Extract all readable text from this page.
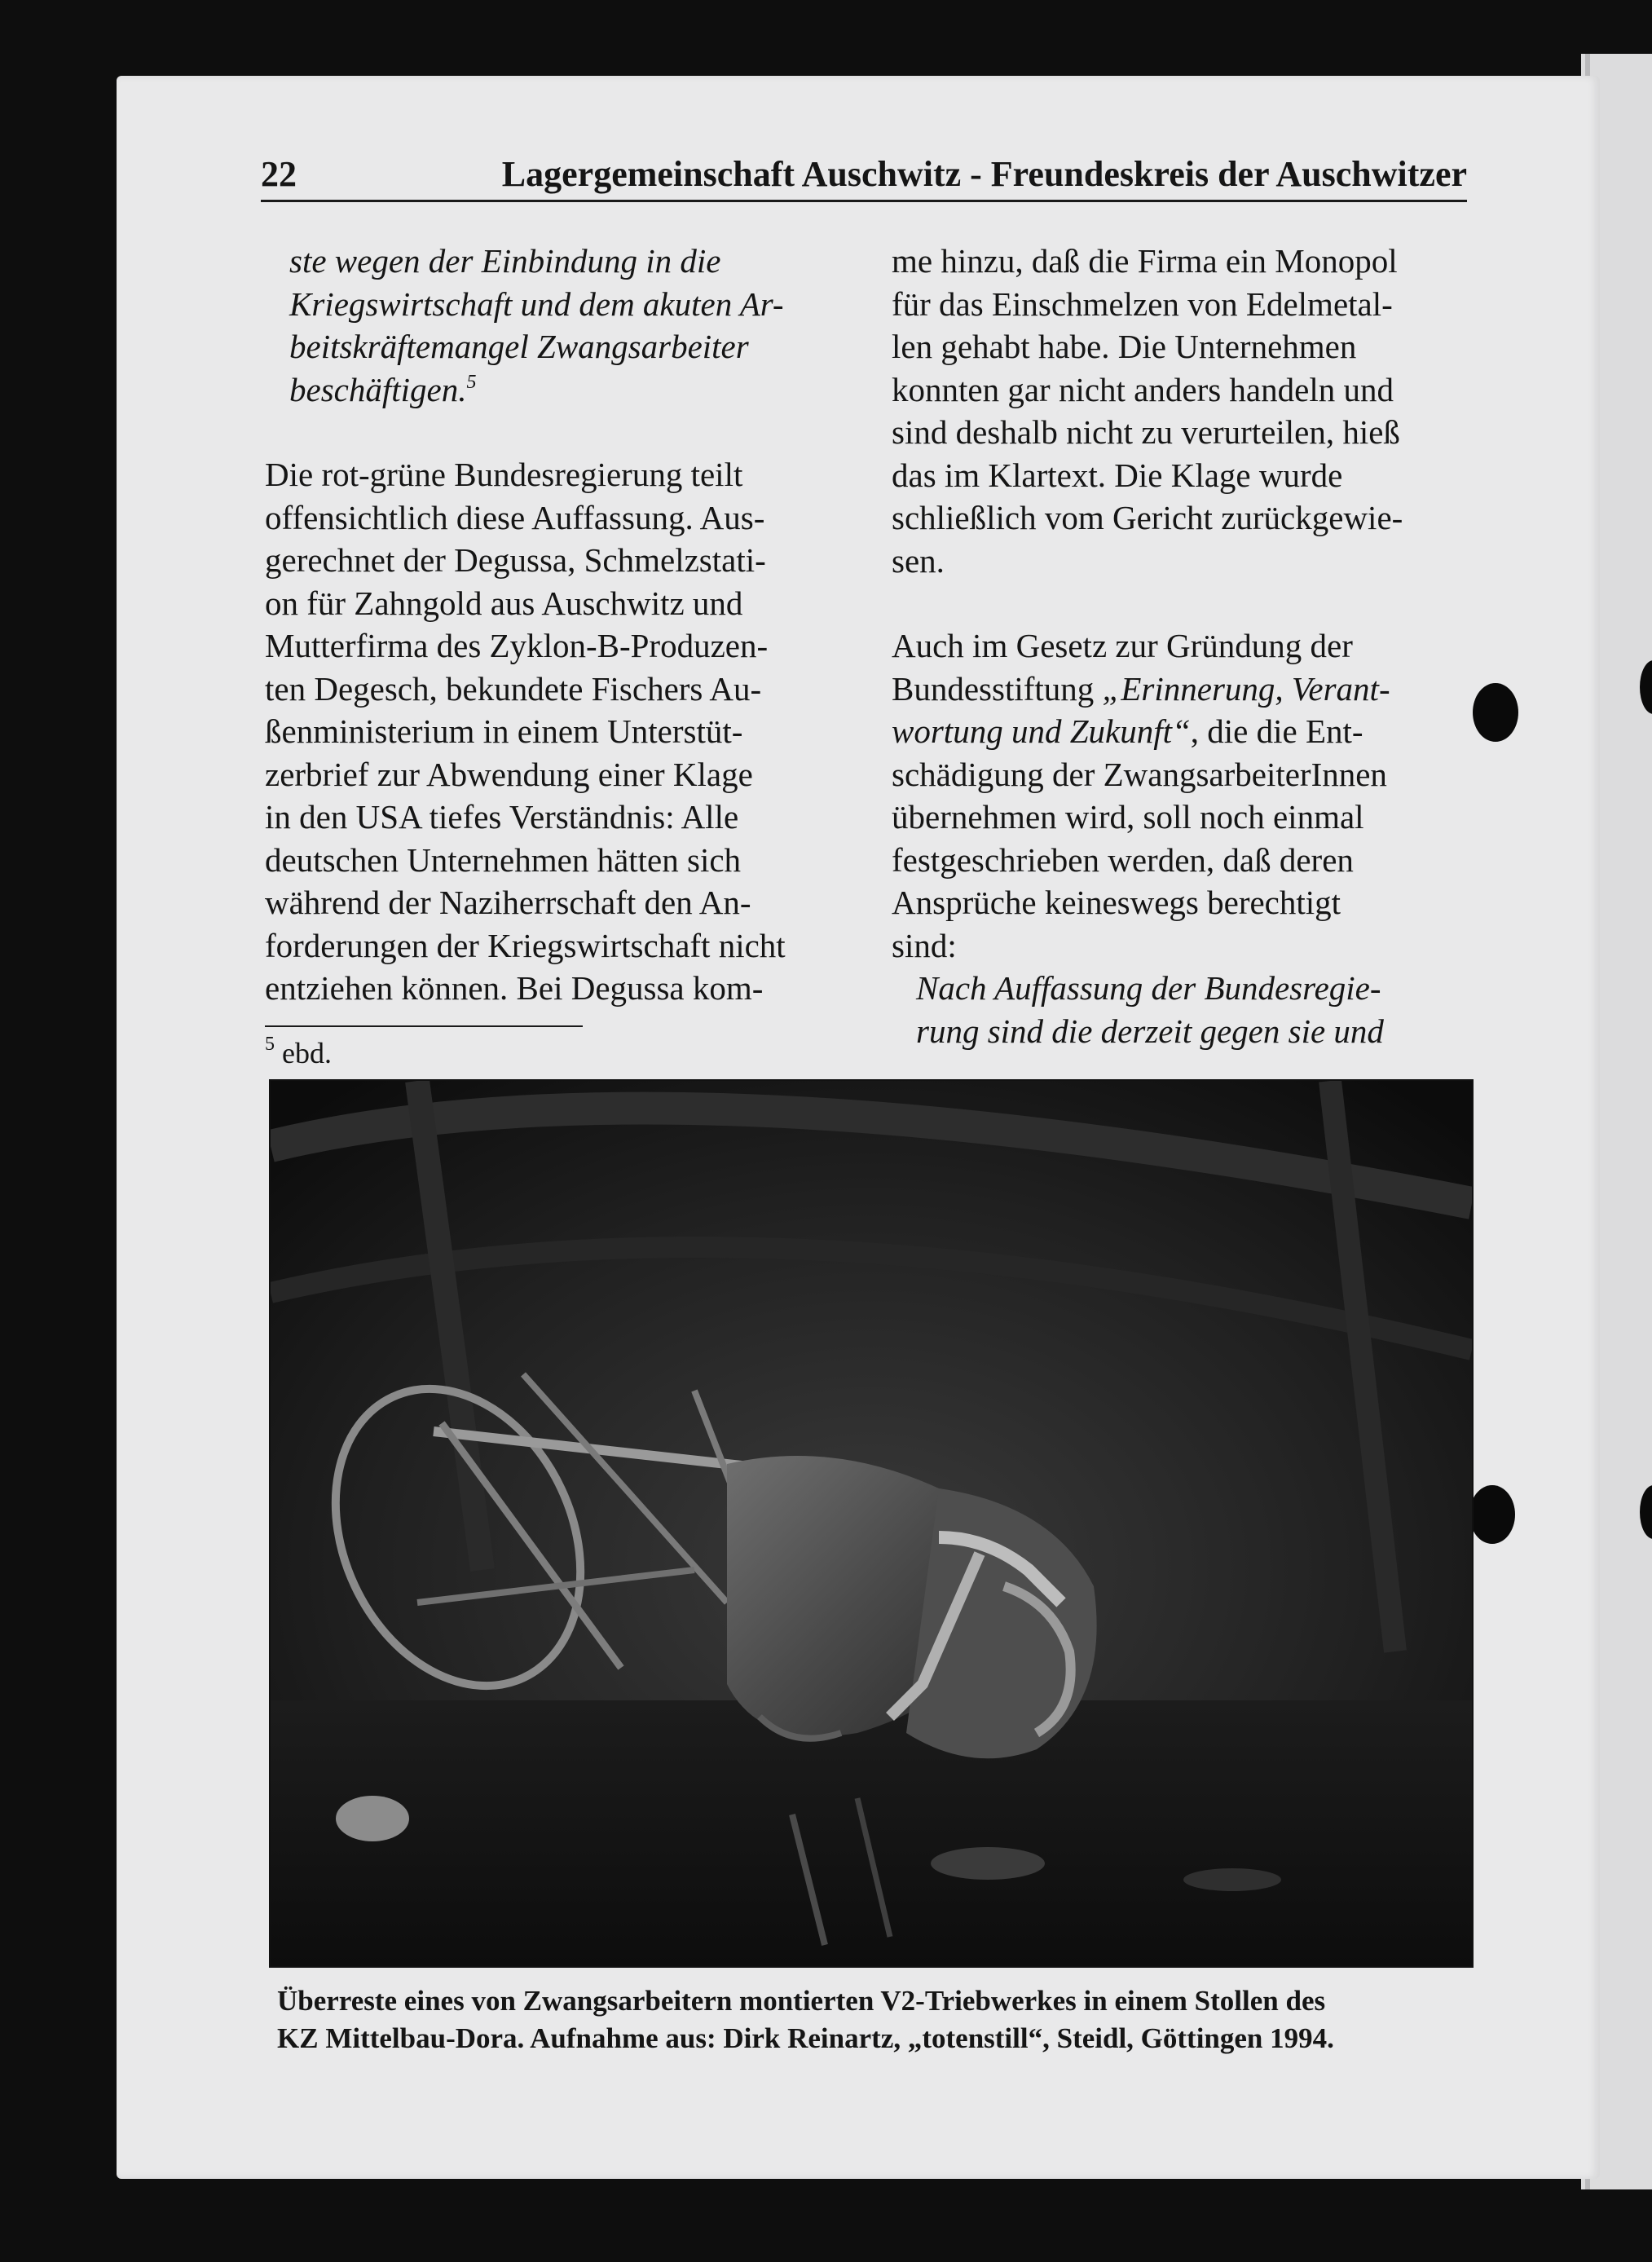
22	Lagergemeinschaft Auschwitz - Freundeskreis der Auschwitzer

ste wegen der Einbindung in die

Kriegswirtschaft und dem akuten Ar-

beitskräftemangel Zwangsarbeiter

beschäftigen.$^5$

Die rot-grüne Bundesregierung teilt

offensichtlich diese Auffassung. Aus-

gerechnet der Degussa, Schmelzstati-

on für Zahngold aus Auschwitz und

Mutterfirma des Zyklon-B-Produzen-

ten Degesch, bekundete Fischers Au-

ßenministerium in einem Unterstüt-

zerbrief zur Abwendung einer Klage

in den USA tiefes Verständnis: Alle

deutschen Unternehmen hätten sich

während der Naziherrschaft den An-

forderungen der Kriegswirtschaft nicht

entziehen können. Bei Degussa kom-

$^5$ ebd.

me hinzu, daß die Firma ein Monopol

für das Einschmelzen von Edelmetal-

len gehabt habe. Die Unternehmen

konnten gar nicht anders handeln und

sind deshalb nicht zu verurteilen, hieß

das im Klartext. Die Klage wurde

schließlich vom Gericht zurückgewie-

sen.

Auch im Gesetz zur Gründung der

Bundesstiftung „Erinnerung, Verant-

wortung und Zukunft“, die die Ent-

schädigung der ZwangsarbeiterInnen

übernehmen wird, soll noch einmal

festgeschrieben werden, daß deren

Ansprüche keineswegs berechtigt

sind:

Nach Auffassung der Bundesregie-

rung sind die derzeit gegen sie und

Überreste eines von Zwangsarbeitern montierten V2-Triebwerkes in einem Stollen des
KZ Mittelbau-Dora. Aufnahme aus: Dirk Reinartz, „totenstill“, Steidl, Göttingen 1994.
